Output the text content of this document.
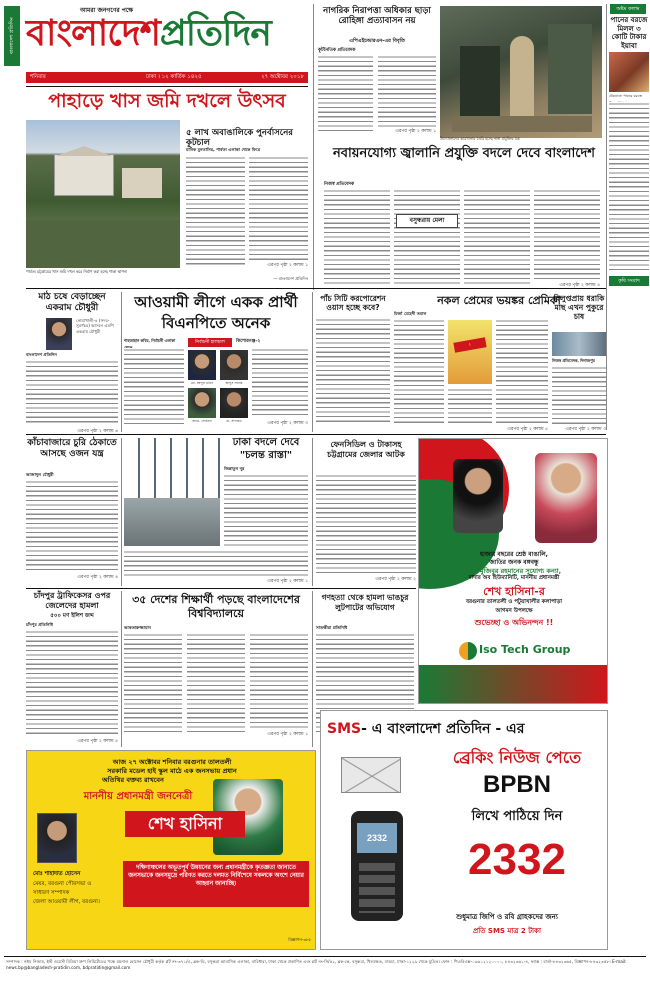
বাংলাদেশ প্রতিদিন
আমরা জনগণের পক্ষে
বাংলাদেশপ্রতিদিন
শনিবার	ঢাকা । ১২ কার্তিক ১৪২৫	২৭ অক্টোবর ২০১৮
নাগরিক নিরাপত্তা অধিকার ছাড়া রোহিঙ্গা প্রত্যাবাসন নয়
এপিএইচআরএন-এর বিবৃতি
কূটনৈতিক প্রতিবেদক
এরপর পৃষ্ঠা ২ কলাম ১
উদ্যোক্তাদের কারখানায় তৈরি হচ্ছে নানা প্রযুক্তির যন্ত্র
নবায়নযোগ্য জ্বালানি প্রযুক্তি বদলে দেবে বাংলাদেশ
নিজস্ব প্রতিবেদক
বসুন্ধরায় মেলা
এরপর পৃষ্ঠা ২ কলাম ৪
অষ্টম কলাম
পানের বরজে মিলল ৩ কোটি টাকার ইয়াবা
টেকনাফে পানের বরজে
কৃষি সংবাদ
পাহাড়ে খাস জমি দখলে উৎসব
পার্বত্য চট্টগ্রামের খাস জমি দখল করে নির্মাণ করা হচ্ছে পাকা স্থাপনা
— বাংলাদেশ প্রতিদিন
৫ লাখ অবাঙালিকে পুনর্বাসনের কূটচাল
মানিক মুনতাসির, পার্বত্য এলাকা থেকে ফিরে
এরপর পৃষ্ঠা ২ কলাম ১
মাঠ চষে বেড়াচ্ছেন একরাম চৌধুরী
নোয়াখালী-৪ (সদর-সুবর্ণচর) আসনে এমপি একরাম চৌধুরী
বাংলাদেশ প্রতিদিন
এরপর পৃষ্ঠা ২ কলাম ৬
আওয়ামী লীগে একক প্রার্থী বিএনপিতে অনেক
শাহজাহান কবির, নির্বাচনী এলাকা	নির্বাচনী হালচাল	কিশোরগঞ্জ-২
মো. আব্দুল মতিন	আব্দুস সালাম
অ্যাড. সোহরাব	ডা. সালামত	এরপর পৃষ্ঠা ২ কলাম ৩
পাঁচ সিটি করপোরেশন ওয়াস হচ্ছে কবে?
নকল প্রেমের ভয়ঙ্কর প্রেমিকা
মির্জা মেহেদী তমাল
!
এরপর পৃষ্ঠা ২ কলাম ৫
বিলুপ্তপ্রায় ধরাকি মাছ এখন পুকুরে চাষ
নিজস্ব প্রতিবেদক, দিনাজপুর
এরপর পৃষ্ঠা ২ কলাম ৩
কাঁচাবাজারে চুরি ঠেকাতে আসছে ওজন যন্ত্র
আজাদুল চৌধুরী
এরপর পৃষ্ঠা ২ কলাম ৪
ঢাকা বদলে দেবে "চলন্ত রাস্তা"
জিন্নাতুন নূর
এরপর পৃষ্ঠা ২ কলাম ১
ফেনসিডিল ও টাকাসহ চট্টগ্রামের জেলার আটক
এরপর পৃষ্ঠা ২ কলাম ২
হাজার বছরের শ্রেষ্ঠ বাঙালি,
জাতির জনক বঙ্গবন্ধু
শেখ মুজিবুর রহমানের সুযোগ্য কন্যা,
মাদার অব হিউম্যানিটি, মাননীয় প্রধানমন্ত্রী
শেখ হাসিনা-র
বরগুনার তালতলী ও পটুয়াখালীর কলাপাড়া
আগমন উপলক্ষে
শুভেচ্ছা ও অভিনন্দন !!
Iso Tech Group
চাঁদপুর ট্রাফিকেসর ওপর জেলেদের হামলা
৫০০ মণ ইলিশ জব্দ
চাঁদপুর প্রতিনিধি
এরপর পৃষ্ঠা ২ কলাম ৫
৩৫ দেশের শিক্ষার্থী পড়ছে বাংলাদেশের বিশ্ববিদ্যালয়ে
আকতারুজ্জামান
এরপর পৃষ্ঠা ২ কলাম ১
গণহত্যা থেকে হামলা ভাঙচুর লুটপাটের অভিযোগ
সাতক্ষীরা প্রতিনিধি
আজ ২৭ অক্টোবর শনিবার বরগুনার তালতলী
সরকারি মডেল হাই স্কুল মাঠে এক জনসভায় প্রধান
অতিথির বক্তব্য রাখবেন
মাননীয় প্রধানমন্ত্রী জননেত্রী
শেখ হাসিনা
দক্ষিণাঞ্চলের অভূতপূর্ব উন্নয়নের জন্য প্রধানমন্ত্রীকে কৃতজ্ঞতা জানাতে জনসভাকে জনসমুদ্রে পরিণত করতে দলমত নির্বিশেষে সকলকে অংশে নেয়ার আহ্বান জানাচ্ছি।
মোঃ শাহাদাত হোসেন
মেয়র, বরগুনা পৌরসভা ও
সাধারণ সম্পাদক
জেলা আওয়ামী লীগ, বরগুনা।
বিজ্ঞাপন-৩৮৫
SMS- এ বাংলাদেশ প্রতিদিন - এর
ব্রেকিং নিউজ পেতে
BPBN
লিখে পাঠিয়ে দিন
2332	2332
শুধুমাত্র জিপি ও রবি গ্রাহকদের জন্য
প্রতি SMS মাত্র 2 টাকা
সম্পাদক : নঈম নিজাম, ইস্ট ওয়েস্ট মিডিয়া গ্রুপ লিমিটেডের পক্ষে ময়নাল হোসেন চৌধুরী কর্তৃক প্লট নং-৩৭১/এ, ব্লক-ডি, বসুন্ধরা আবাসিক এলাকা, বারিধারা, ঢাকা থেকে প্রকাশিত এবং প্লট নং-সি/৫২, ব্লক-কে, বসুন্ধরা, খিলক্ষেত, বাড্ডা, ঢাকা-১২২৯ থেকে মুদ্রিত। ফোন : পিএবিএক্স-০৯৬১২১২০০০০, ৮৪৩২৩৬১-৪, ফ্যাক্স : বার্তা-৮৪৩২৩৬৫, বিজ্ঞাপন-৮৪৩২৩৫৮। E-mail: news.bp@bangladesh-pratidin.com, bdpratidin@gmail.com
